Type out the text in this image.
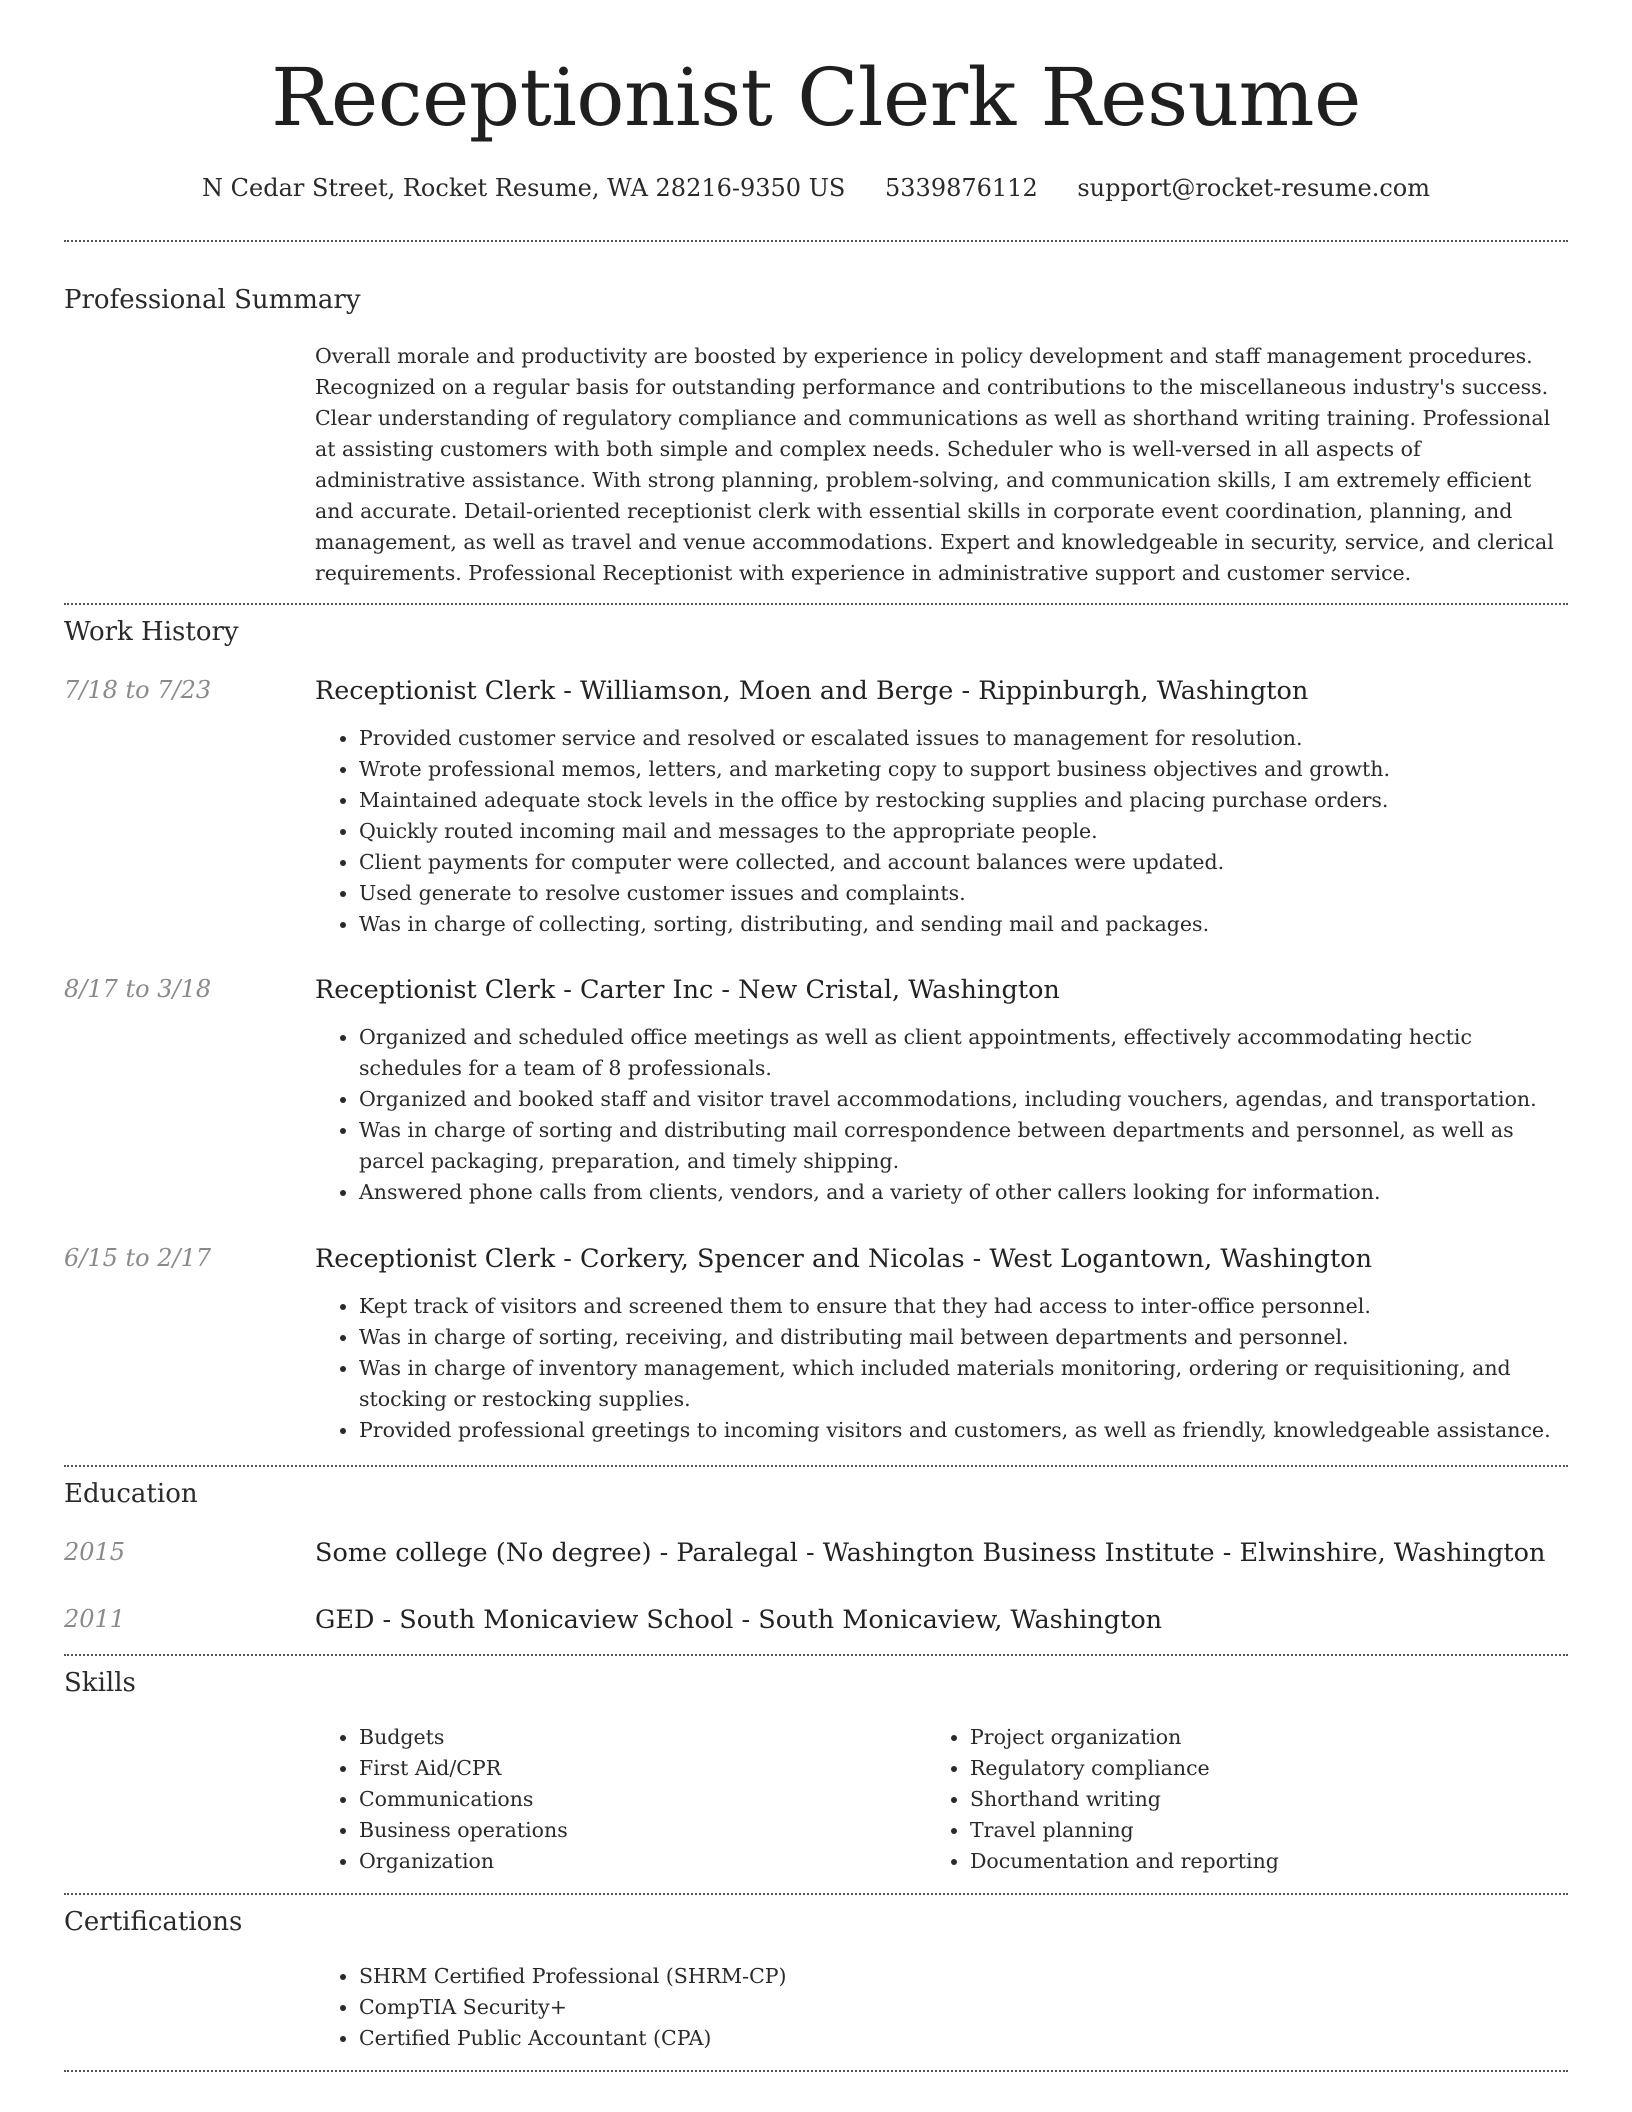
Receptionist Clerk Resume
N Cedar Street, Rocket Resume, WA 28216-9350 US 5339876112 support@rocket-resume.com
Professional Summary

Overall morale and productivity are boosted by experience in policy development and staff management procedures. Recognized on a regular basis for outstanding performance and contributions to the miscellaneous industry's success. Clear understanding of regulatory compliance and communications as well as shorthand writing training. Professional at assisting customers with both simple and complex needs. Scheduler who is well-versed in all aspects of administrative assistance. With strong planning, problem-solving, and communication skills, I am extremely efficient and accurate. Detail-oriented receptionist clerk with essential skills in corporate event coordination, planning, and management, as well as travel and venue accommodations. Expert and knowledgeable in security, service, and clerical requirements. Professional Receptionist with experience in administrative support and customer service.

Work History
7/18 to 7/23	Receptionist Clerk - Williamson, Moen and Berge - Rippinburgh, Washington
• Provided customer service and resolved or escalated issues to management for resolution.
• Wrote professional memos, letters, and marketing copy to support business objectives and growth.
• Maintained adequate stock levels in the office by restocking supplies and placing purchase orders.
• Quickly routed incoming mail and messages to the appropriate people.
• Client payments for computer were collected, and account balances were updated.
• Used generate to resolve customer issues and complaints.
• Was in charge of collecting, sorting, distributing, and sending mail and packages.
8/17 to 3/18	Receptionist Clerk - Carter Inc - New Cristal, Washington
• Organized and scheduled office meetings as well as client appointments, effectively accommodating hectic schedules for a team of 8 professionals.
• Organized and booked staff and visitor travel accommodations, including vouchers, agendas, and transportation.
• Was in charge of sorting and distributing mail correspondence between departments and personnel, as well as parcel packaging, preparation, and timely shipping.
• Answered phone calls from clients, vendors, and a variety of other callers looking for information.
6/15 to 2/17	Receptionist Clerk - Corkery, Spencer and Nicolas - West Logantown, Washington
• Kept track of visitors and screened them to ensure that they had access to inter-office personnel.
• Was in charge of sorting, receiving, and distributing mail between departments and personnel.
• Was in charge of inventory management, which included materials monitoring, ordering or requisitioning, and stocking or restocking supplies.
• Provided professional greetings to incoming visitors and customers, as well as friendly, knowledgeable assistance.
Education
2015	Some college (No degree) - Paralegal - Washington Business Institute - Elwinshire, Washington
2011	GED - South Monicaview School - South Monicaview, Washington
Skills
• Budgets
• First Aid/CPR
• Communications
• Business operations
• Organization
• Project organization
• Regulatory compliance
• Shorthand writing
• Travel planning
• Documentation and reporting
Certifications
• SHRM Certified Professional (SHRM-CP)
• CompTIA Security+
• Certified Public Accountant (CPA)
